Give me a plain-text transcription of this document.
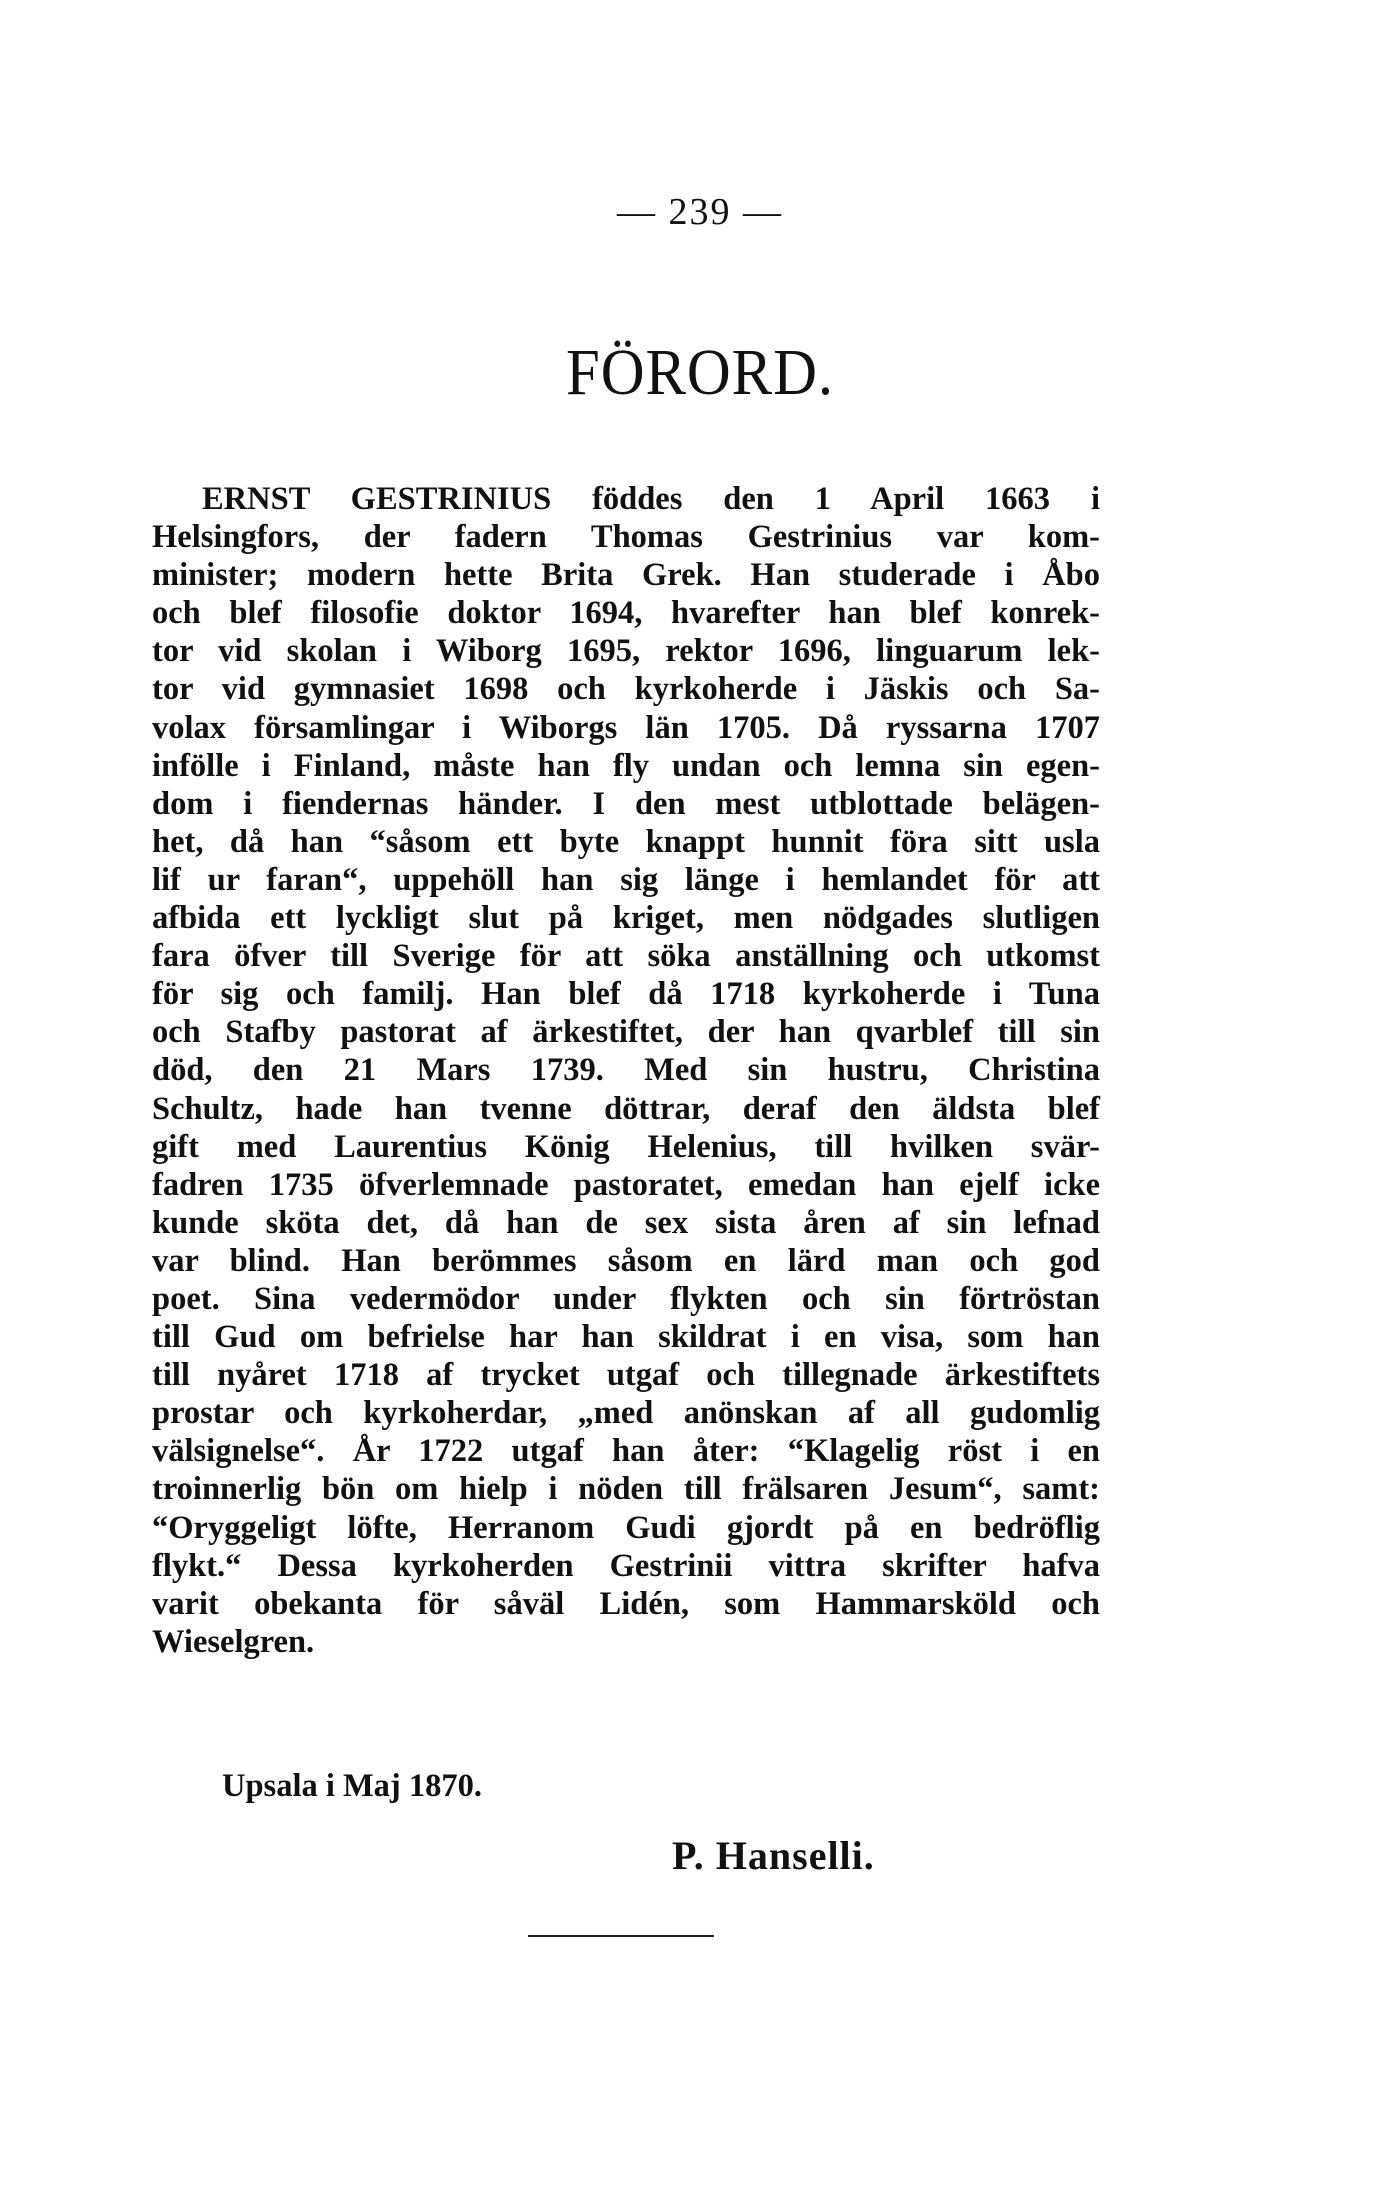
— 239 —
FÖRORD.
ERNST GESTRINIUS föddes den 1 April 1663 i
Helsingfors, der fadern Thomas Gestrinius var kom-
minister; modern hette Brita Grek. Han studerade i Åbo
och blef filosofie doktor 1694, hvarefter han blef konrek-
tor vid skolan i Wiborg 1695, rektor 1696, linguarum lek-
tor vid gymnasiet 1698 och kyrkoherde i Jäskis och Sa-
volax församlingar i Wiborgs län 1705. Då ryssarna 1707
infölle i Finland, måste han fly undan och lemna sin egen-
dom i fiendernas händer. I den mest utblottade belägen-
het, då han “såsom ett byte knappt hunnit föra sitt usla
lif ur faran“, uppehöll han sig länge i hemlandet för att
afbida ett lyckligt slut på kriget, men nödgades slutligen
fara öfver till Sverige för att söka anställning och utkomst
för sig och familj. Han blef då 1718 kyrkoherde i Tuna
och Stafby pastorat af ärkestiftet, der han qvarblef till sin
död, den 21 Mars 1739. Med sin hustru, Christina
Schultz, hade han tvenne döttrar, deraf den äldsta blef
gift med Laurentius König Helenius, till hvilken svär-
fadren 1735 öfverlemnade pastoratet, emedan han ejelf icke
kunde sköta det, då han de sex sista åren af sin lefnad
var blind. Han berömmes såsom en lärd man och god
poet. Sina vedermödor under flykten och sin förtröstan
till Gud om befrielse har han skildrat i en visa, som han
till nyåret 1718 af trycket utgaf och tillegnade ärkestiftets
prostar och kyrkoherdar, „med anönskan af all gudomlig
välsignelse“. År 1722 utgaf han åter: “Klagelig röst i en
troinnerlig bön om hielp i nöden till frälsaren Jesum“, samt:
“Oryggeligt löfte, Herranom Gudi gjordt på en bedröflig
flykt.“ Dessa kyrkoherden Gestrinii vittra skrifter hafva
varit obekanta för såväl Lidén, som Hammarsköld och
Wieselgren.
Upsala i Maj 1870.
P. Hanselli.
